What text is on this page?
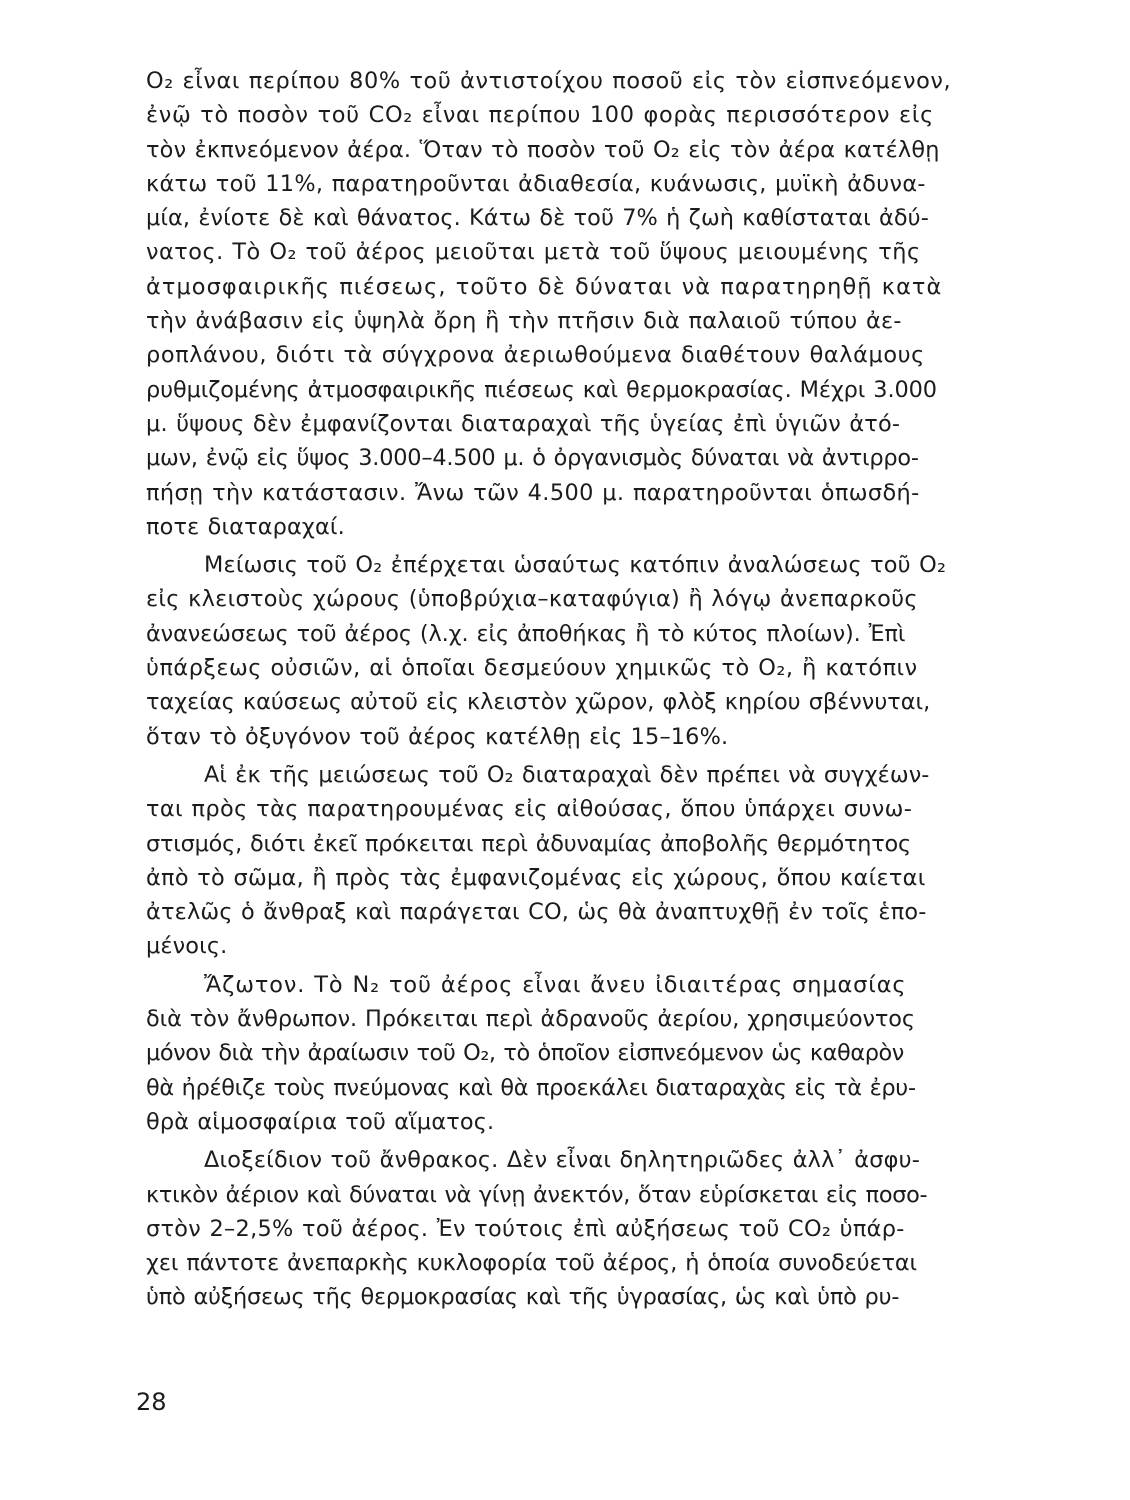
O₂ εἶναι περίπου 80% τοῦ ἀντιστοίχου ποσοῦ εἰς τὸν εἰσπνεόμενον,
ἐνῷ τὸ ποσὸν τοῦ CO₂ εἶναι περίπου 100 φορὰς περισσότερον εἰς
τὸν ἐκπνεόμενον ἀέρα. Ὅταν τὸ ποσὸν τοῦ O₂ εἰς τὸν ἀέρα κατέλθῃ
κάτω τοῦ 11%, παρατηροῦνται ἀδιαθεσία, κυάνωσις, μυϊκὴ ἀδυνα-
μία, ἐνίοτε δὲ καὶ θάνατος. Κάτω δὲ τοῦ 7% ἡ ζωὴ καθίσταται ἀδύ-
νατος. Τὸ O₂ τοῦ ἀέρος μειοῦται μετὰ τοῦ ὕψους μειουμένης τῆς
ἀτμοσφαιρικῆς πιέσεως, τοῦτο δὲ δύναται νὰ παρατηρηθῇ κατὰ
τὴν ἀνάβασιν εἰς ὑψηλὰ ὄρη ἢ τὴν πτῆσιν διὰ παλαιοῦ τύπου ἀε-
ροπλάνου, διότι τὰ σύγχρονα ἀεριωθούμενα διαθέτουν θαλάμους
ρυθμιζομένης ἀτμοσφαιρικῆς πιέσεως καὶ θερμοκρασίας. Μέχρι 3.000
μ. ὕψους δὲν ἐμφανίζονται διαταραχαὶ τῆς ὑγείας ἐπὶ ὑγιῶν ἀτό-
μων, ἐνῷ εἰς ὕψος 3.000–4.500 μ. ὁ ὀργανισμὸς δύναται νὰ ἀντιρρο-
πήσῃ τὴν κατάστασιν. Ἄνω τῶν 4.500 μ. παρατηροῦνται ὁπωσδή-
ποτε διαταραχαί.
Μείωσις τοῦ O₂ ἐπέρχεται ὡσαύτως κατόπιν ἀναλώσεως τοῦ O₂
εἰς κλειστοὺς χώρους (ὑποβρύχια–καταφύγια) ἢ λόγῳ ἀνεπαρκοῦς
ἀνανεώσεως τοῦ ἀέρος (λ.χ. εἰς ἀποθήκας ἢ τὸ κύτος πλοίων). Ἐπὶ
ὑπάρξεως οὐσιῶν, αἱ ὁποῖαι δεσμεύουν χημικῶς τὸ O₂, ἢ κατόπιν
ταχείας καύσεως αὐτοῦ εἰς κλειστὸν χῶρον, φλὸξ κηρίου σβέννυται,
ὅταν τὸ ὀξυγόνον τοῦ ἀέρος κατέλθῃ εἰς 15–16%.
Αἱ ἐκ τῆς μειώσεως τοῦ O₂ διαταραχαὶ δὲν πρέπει νὰ συγχέων-
ται πρὸς τὰς παρατηρουμένας εἰς αἰθούσας, ὅπου ὑπάρχει συνω-
στισμός, διότι ἐκεῖ πρόκειται περὶ ἀδυναμίας ἀποβολῆς θερμότητος
ἀπὸ τὸ σῶμα, ἢ πρὸς τὰς ἐμφανιζομένας εἰς χώρους, ὅπου καίεται
ἀτελῶς ὁ ἄνθραξ καὶ παράγεται CO, ὡς θὰ ἀναπτυχθῇ ἐν τοῖς ἑπο-
μένοις.
Ἄζωτον. Τὸ N₂ τοῦ ἀέρος εἶναι ἄνευ ἰδιαιτέρας σημασίας
διὰ τὸν ἄνθρωπον. Πρόκειται περὶ ἀδρανοῦς ἀερίου, χρησιμεύοντος
μόνον διὰ τὴν ἀραίωσιν τοῦ O₂, τὸ ὁποῖον εἰσπνεόμενον ὡς καθαρὸν
θὰ ἠρέθιζε τοὺς πνεύμονας καὶ θὰ προεκάλει διαταραχὰς εἰς τὰ ἐρυ-
θρὰ αἱμοσφαίρια τοῦ αἵματος.
Διοξείδιον τοῦ ἄνθρακος. Δὲν εἶναι δηλητηριῶδες ἀλλ᾽ ἀσφυ-
κτικὸν ἀέριον καὶ δύναται νὰ γίνῃ ἀνεκτόν, ὅταν εὑρίσκεται εἰς ποσο-
στὸν 2–2,5% τοῦ ἀέρος. Ἐν τούτοις ἐπὶ αὐξήσεως τοῦ CO₂ ὑπάρ-
χει πάντοτε ἀνεπαρκὴς κυκλοφορία τοῦ ἀέρος, ἡ ὁποία συνοδεύεται
ὑπὸ αὐξήσεως τῆς θερμοκρασίας καὶ τῆς ὑγρασίας, ὡς καὶ ὑπὸ ρυ-
28
